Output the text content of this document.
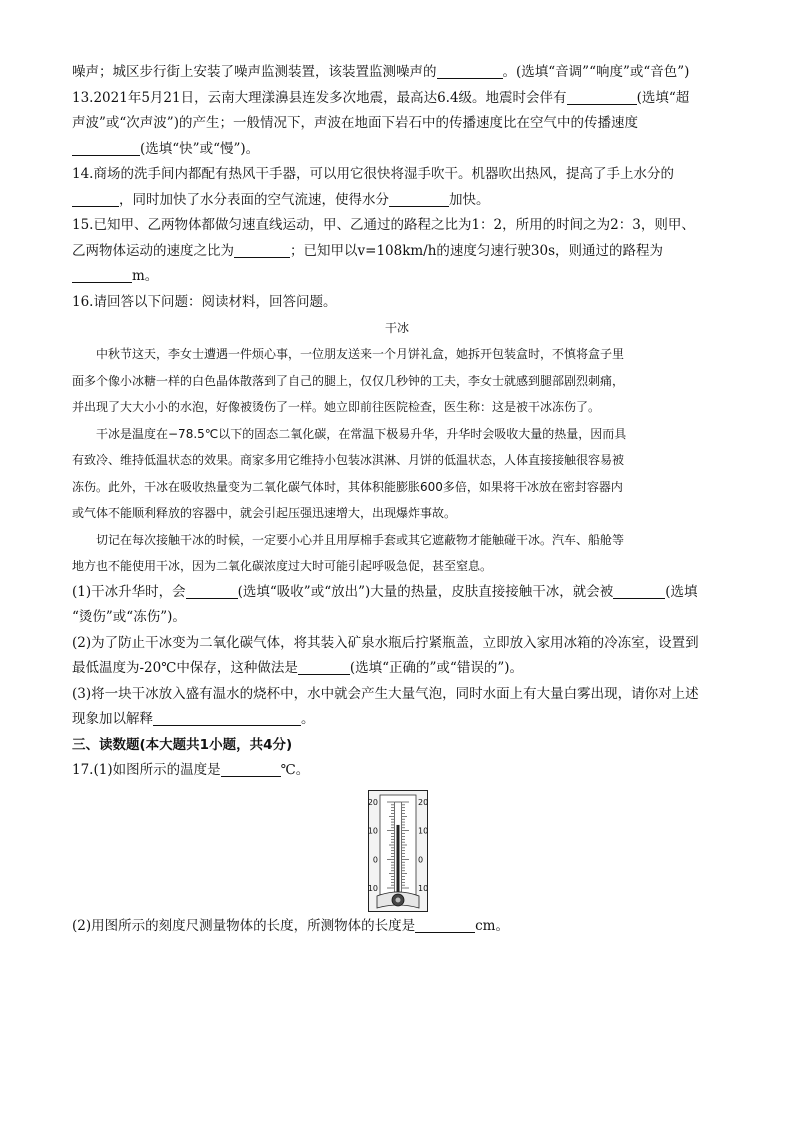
噪声；城区步行街上安装了噪声监测装置，该装置监测噪声的	。(选填“音调”“响度”或“音色”)
13.2021年5月21日，云南大理漾濞县连发多次地震，最高达6.4级。地震时会伴有	(选填“超
声波”或“次声波”)的产生；一般情况下，声波在地面下岩石中的传播速度比在空气中的传播速度
(选填“快”或“慢”)。
14.商场的洗手间内都配有热风干手器，可以用它很快将湿手吹干。机器吹出热风，提高了手上水分的
，同时加快了水分表面的空气流速，使得水分	加快。
15.已知甲、乙两物体都做匀速直线运动，甲、乙通过的路程之比为1：2，所用的时间之为2：3，则甲、
乙两物体运动的速度之比为	；已知甲以v=108km/h的速度匀速行驶30s，则通过的路程为
m。
16.请回答以下问题：阅读材料，回答问题。
干冰
中秋节这天，李女士遭遇一件烦心事，一位朋友送来一个月饼礼盒，她拆开包装盒时，不慎将盒子里
面多个像小冰糖一样的白色晶体散落到了自己的腿上，仅仅几秒钟的工夫，李女士就感到腿部剧烈刺痛，
并出现了大大小小的水泡，好像被烫伤了一样。她立即前往医院检查，医生称：这是被干冰冻伤了。
干冰是温度在−78.5℃以下的固态二氧化碳，在常温下极易升华，升华时会吸收大量的热量，因而具
有致冷、维持低温状态的效果。商家多用它维持小包装冰淇淋、月饼的低温状态，人体直接接触很容易被
冻伤。此外，干冰在吸收热量变为二氧化碳气体时，其体积能膨胀600多倍，如果将干冰放在密封容器内
或气体不能顺利释放的容器中，就会引起压强迅速增大，出现爆炸事故。
切记在每次接触干冰的时候，一定要小心并且用厚棉手套或其它遮蔽物才能触碰干冰。汽车、船舱等
地方也不能使用干冰，因为二氧化碳浓度过大时可能引起呼吸急促，甚至窒息。
(1)干冰升华时，会	(选填“吸收”或“放出”)大量的热量，皮肤直接接触干冰，就会被	(选填
“烫伤”或“冻伤”)。
(2)为了防止干冰变为二氧化碳气体，将其装入矿泉水瓶后拧紧瓶盖，立即放入家用冰箱的冷冻室，设置到
最低温度为-20℃中保存，这种做法是	(选填“正确的”或“错误的”)。
(3)将一块干冰放入盛有温水的烧杯中，水中就会产生大量气泡，同时水面上有大量白雾出现，请你对上述
现象加以解释	。
三、读数题(本大题共1小题，共4分)
17.(1)如图所示的温度是	℃。
20	20
10	10
0	0
10	10
(2)用图所示的刻度尺测量物体的长度，所测物体的长度是	cm。
